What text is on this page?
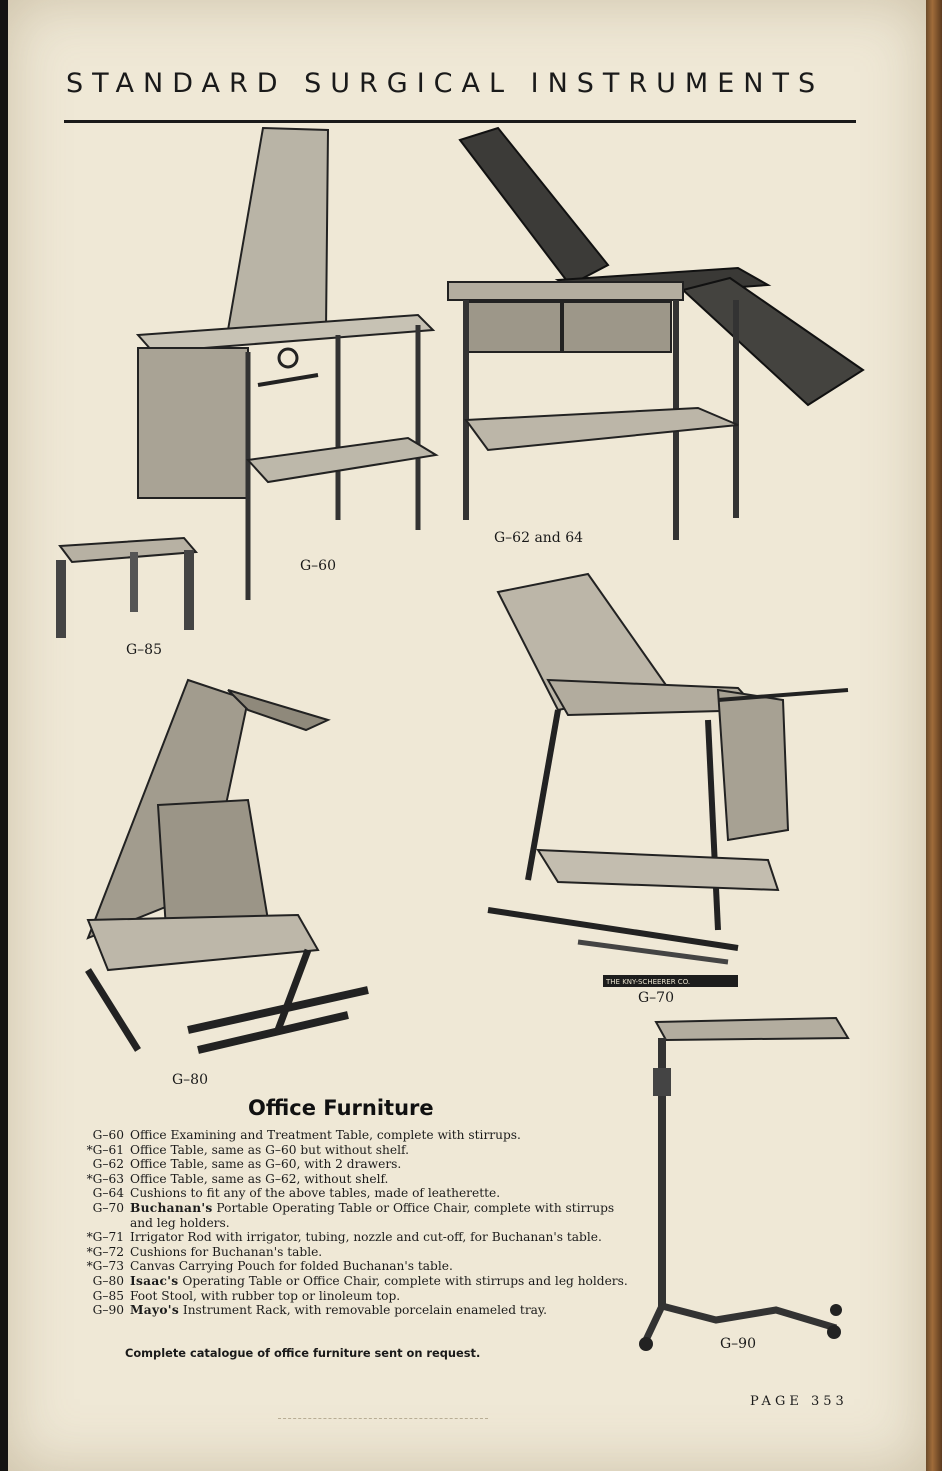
STANDARD SURGICAL INSTRUMENTS
THE KNY-SCHEERER CO.
G–60
G–62 and 64
G–85
G–80
G–70
G–90
Office Furniture
G–60 Office Examining and Treatment Table, complete with stirrups.
*G–61 Office Table, same as G–60 but without shelf.
G–62 Office Table, same as G–60, with 2 drawers.
*G–63 Office Table, same as G–62, without shelf.
G–64 Cushions to fit any of the above tables, made of leatherette.
G–70 Buchanan's Portable Operating Table or Office Chair, complete with stirrups and leg holders.
*G–71 Irrigator Rod with irrigator, tubing, nozzle and cut-off, for Buchanan's table.
*G–72 Cushions for Buchanan's table.
*G–73 Canvas Carrying Pouch for folded Buchanan's table.
G–80 Isaac's Operating Table or Office Chair, complete with stirrups and leg holders.
G–85 Foot Stool, with rubber top or linoleum top.
G–90 Mayo's Instrument Rack, with removable porcelain enameled tray.
Complete catalogue of office furniture sent on request.
PAGE 353
